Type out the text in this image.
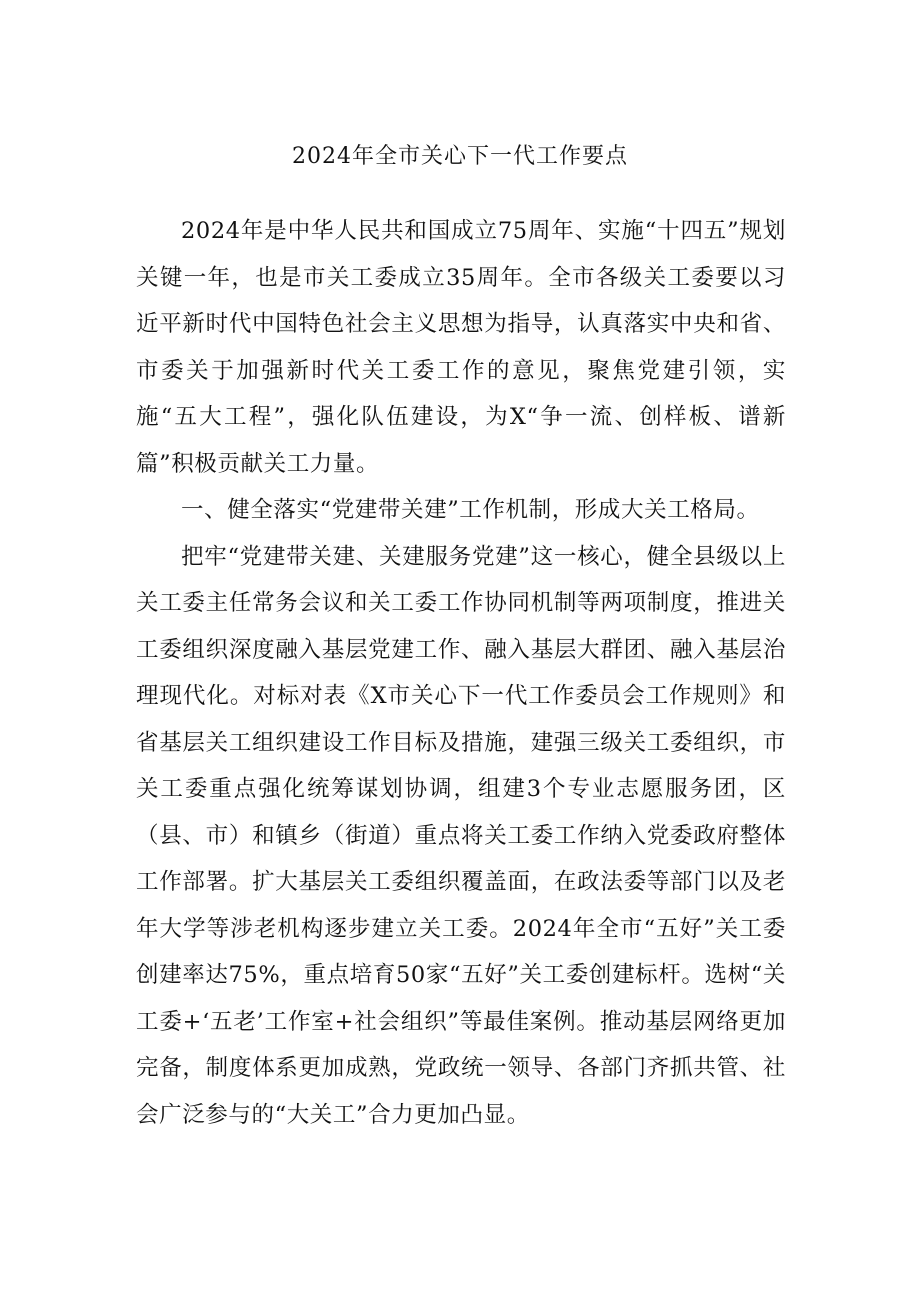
2024年全市关心下一代工作要点

2024年是中华人民共和国成立75周年、实施“十四五”规划关键一年，也是市关工委成立35周年。全市各级关工委要以习近平新时代中国特色社会主义思想为指导，认真落实中央和省、市委关于加强新时代关工委工作的意见，聚焦党建引领，实施“五大工程”，强化队伍建设，为X“争一流、创样板、谱新篇”积极贡献关工力量。

一、健全落实“党建带关建”工作机制，形成大关工格局。

把牢“党建带关建、关建服务党建”这一核心，健全县级以上关工委主任常务会议和关工委工作协同机制等两项制度，推进关工委组织深度融入基层党建工作、融入基层大群团、融入基层治理现代化。对标对表《X市关心下一代工作委员会工作规则》和省基层关工组织建设工作目标及措施，建强三级关工委组织，市关工委重点强化统筹谋划协调，组建3个专业志愿服务团，区（县、市）和镇乡（街道）重点将关工委工作纳入党委政府整体工作部署。扩大基层关工委组织覆盖面，在政法委等部门以及老年大学等涉老机构逐步建立关工委。2024年全市“五好”关工委创建率达75%，重点培育50家“五好”关工委创建标杆。选树“关工委+‘五老’工作室+社会组织”等最佳案例。推动基层网络更加完备，制度体系更加成熟，党政统一领导、各部门齐抓共管、社会广泛参与的“大关工”合力更加凸显。
